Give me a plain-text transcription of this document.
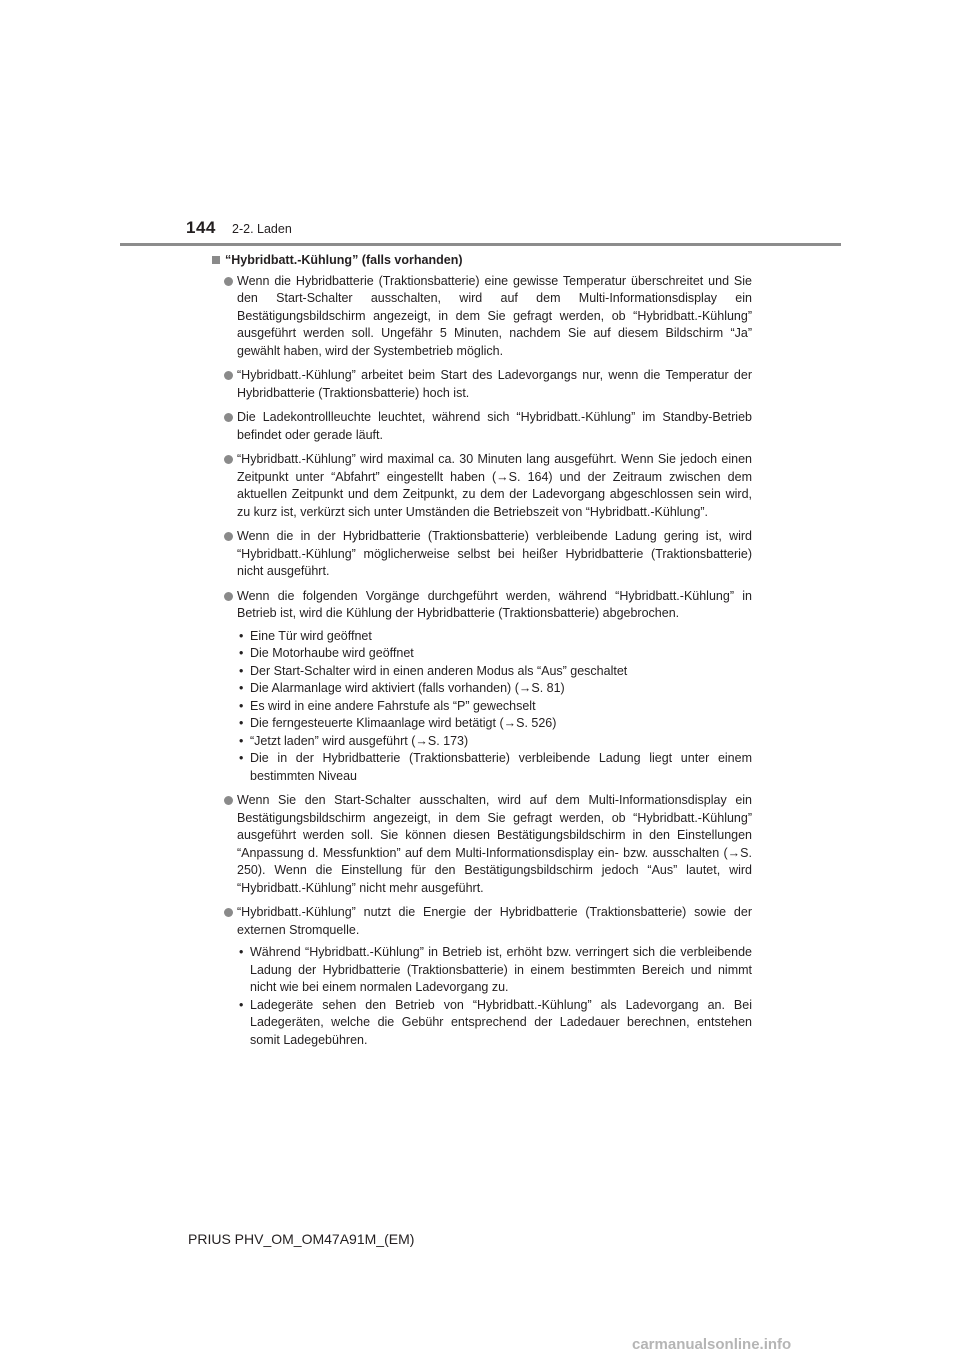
144 2-2. Laden
“Hybridbatt.-Kühlung” (falls vorhanden)
Wenn die Hybridbatterie (Traktionsbatterie) eine gewisse Temperatur überschreitet und Sie den Start-Schalter ausschalten, wird auf dem Multi-Informationsdisplay ein Bestätigungsbildschirm angezeigt, in dem Sie gefragt werden, ob “Hybridbatt.-Kühlung” ausgeführt werden soll. Ungefähr 5 Minuten, nachdem Sie auf diesem Bildschirm “Ja” gewählt haben, wird der Systembetrieb möglich.
“Hybridbatt.-Kühlung” arbeitet beim Start des Ladevorgangs nur, wenn die Temperatur der Hybridbatterie (Traktionsbatterie) hoch ist.
Die Ladekontrollleuchte leuchtet, während sich “Hybridbatt.-Kühlung” im Standby-Betrieb befindet oder gerade läuft.
“Hybridbatt.-Kühlung” wird maximal ca. 30 Minuten lang ausgeführt. Wenn Sie jedoch einen Zeitpunkt unter “Abfahrt” eingestellt haben (→S. 164) und der Zeitraum zwischen dem aktuellen Zeitpunkt und dem Zeitpunkt, zu dem der Ladevorgang abgeschlossen sein wird, zu kurz ist, verkürzt sich unter Umständen die Betriebszeit von “Hybridbatt.-Kühlung”.
Wenn die in der Hybridbatterie (Traktionsbatterie) verbleibende Ladung gering ist, wird “Hybridbatt.-Kühlung” möglicherweise selbst bei heißer Hybridbatterie (Traktionsbatterie) nicht ausgeführt.
Wenn die folgenden Vorgänge durchgeführt werden, während “Hybridbatt.-Kühlung” in Betrieb ist, wird die Kühlung der Hybridbatterie (Traktionsbatterie) abgebrochen.
• Eine Tür wird geöffnet
• Die Motorhaube wird geöffnet
• Der Start-Schalter wird in einen anderen Modus als “Aus” geschaltet
• Die Alarmanlage wird aktiviert (falls vorhanden) (→S. 81)
• Es wird in eine andere Fahrstufe als “P” gewechselt
• Die ferngesteuerte Klimaanlage wird betätigt (→S. 526)
• “Jetzt laden” wird ausgeführt (→S. 173)
• Die in der Hybridbatterie (Traktionsbatterie) verbleibende Ladung liegt unter einem bestimmten Niveau
Wenn Sie den Start-Schalter ausschalten, wird auf dem Multi-Informationsdisplay ein Bestätigungsbildschirm angezeigt, in dem Sie gefragt werden, ob “Hybridbatt.-Kühlung” ausgeführt werden soll. Sie können diesen Bestätigungsbildschirm in den Einstellungen “Anpassung d. Messfunktion” auf dem Multi-Informationsdisplay ein- bzw. ausschalten (→S. 250). Wenn die Einstellung für den Bestätigungsbildschirm jedoch “Aus” lautet, wird “Hybridbatt.-Kühlung” nicht mehr ausgeführt.
“Hybridbatt.-Kühlung” nutzt die Energie der Hybridbatterie (Traktionsbatterie) sowie der externen Stromquelle.
• Während “Hybridbatt.-Kühlung” in Betrieb ist, erhöht bzw. verringert sich die verbleibende Ladung der Hybridbatterie (Traktionsbatterie) in einem bestimmten Bereich und nimmt nicht wie bei einem normalen Ladevorgang zu.
• Ladegeräte sehen den Betrieb von “Hybridbatt.-Kühlung” als Ladevorgang an. Bei Ladegeräten, welche die Gebühr entsprechend der Ladedauer berechnen, entstehen somit Ladegebühren.
PRIUS PHV_OM_OM47A91M_(EM)
carmanualsonline.info
